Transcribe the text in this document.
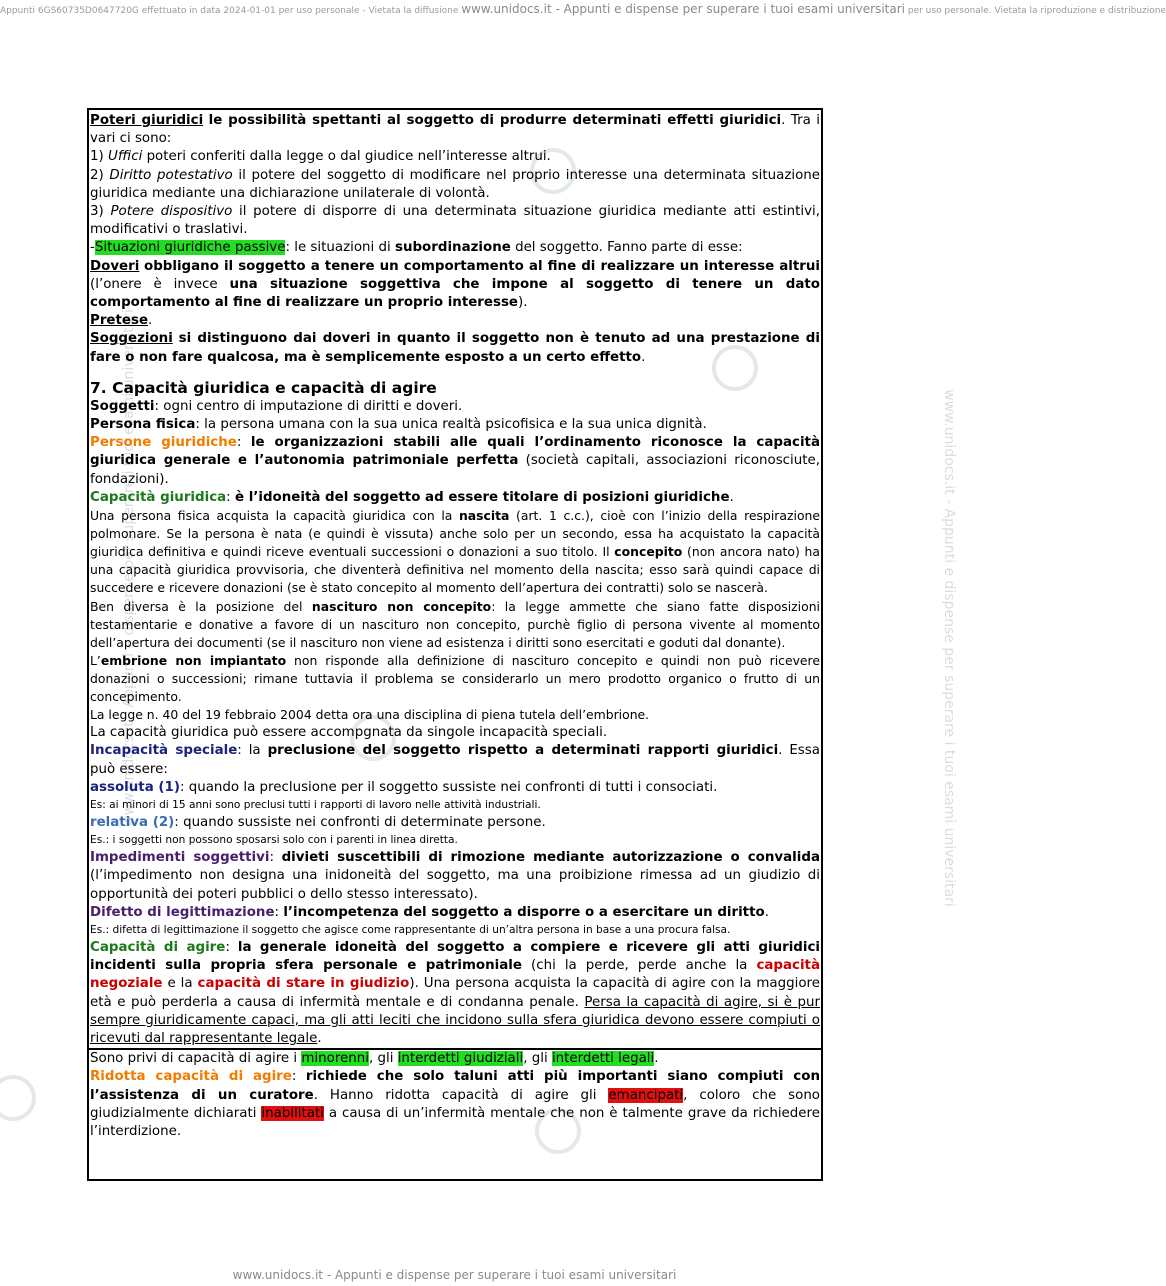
Appunti 6GS60735D0647720G effettuato in data 2024-01-01 per uso personale - Vietata la diffusione www.unidocs.it - Appunti e dispense per superare i tuoi esami universitari per uso personale. Vietata la riproduzione e distribuzione
www.unidocs.it - Appunti e dispense per superare i tuoi esami universitari	www.unidocs.it - Appunti e dispense per superare i tuoi esami universitari
www.unidocs.it - Appunti e dispense per superare i tuoi esami universitari

Poteri giuridici le possibilità spettanti al soggetto di produrre determinati effetti giuridici. Tra i vari ci sono:

1) Uffici poteri conferiti dalla legge o dal giudice nell’interesse altrui.

2) Diritto potestativo il potere del soggetto di modificare nel proprio interesse una determinata situazione giuridica mediante una dichiarazione unilaterale di volontà.

3) Potere dispositivo il potere di disporre di una determinata situazione giuridica mediante atti estintivi, modificativi o traslativi.

-Situazioni giuridiche passive: le situazioni di subordinazione del soggetto. Fanno parte di esse:

Doveri obbligano il soggetto a tenere un comportamento al fine di realizzare un interesse altrui (l’onere è invece una situazione soggettiva che impone al soggetto di tenere un dato comportamento al fine di realizzare un proprio interesse).

Pretese.

Soggezioni si distinguono dai doveri in quanto il soggetto non è tenuto ad una prestazione di fare o non fare qualcosa, ma è semplicemente esposto a un certo effetto.

7. Capacità giuridica e capacità di agire

Soggetti: ogni centro di imputazione di diritti e doveri.

Persona fisica: la persona umana con la sua unica realtà psicofisica e la sua unica dignità.

Persone giuridiche: le organizzazioni stabili alle quali l’ordinamento riconosce la capacità giuridica generale e l’autonomia patrimoniale perfetta (società capitali, associazioni riconosciute, fondazioni).

Capacità giuridica: è l’idoneità del soggetto ad essere titolare di posizioni giuridiche.

Una persona fisica acquista la capacità giuridica con la nascita (art. 1 c.c.), cioè con l’inizio della respirazione polmonare. Se la persona è nata (e quindi è vissuta) anche solo per un secondo, essa ha acquistato la capacità giuridica definitiva e quindi riceve eventuali successioni o donazioni a suo titolo. Il concepito (non ancora nato) ha una capacità giuridica provvisoria, che diventerà definitiva nel momento della nascita; esso sarà quindi capace di succedere e ricevere donazioni (se è stato concepito al momento dell’apertura dei contratti) solo se nascerà.

Ben diversa è la posizione del nascituro non concepito: la legge ammette che siano fatte disposizioni testamentarie e donative a favore di un nascituro non concepito, purchè figlio di persona vivente al momento dell’apertura dei documenti (se il nascituro non viene ad esistenza i diritti sono esercitati e goduti dal donante).

L’embrione non impiantato non risponde alla definizione di nascituro concepito e quindi non può ricevere donazioni o successioni; rimane tuttavia il problema se considerarlo un mero prodotto organico o frutto di un concepimento.

La legge n. 40 del 19 febbraio 2004 detta ora una disciplina di piena tutela dell’embrione.

La capacità giuridica può essere accompgnata da singole incapacità speciali.

Incapacità speciale: la preclusione del soggetto rispetto a determinati rapporti giuridici. Essa può essere:

assoluta (1): quando la preclusione per il soggetto sussiste nei confronti di tutti i consociati.

Es: ai minori di 15 anni sono preclusi tutti i rapporti di lavoro nelle attività industriali.

relativa (2): quando sussiste nei confronti di determinate persone.

Es.: i soggetti non possono sposarsi solo con i parenti in linea diretta.

Impedimenti soggettivi: divieti suscettibili di rimozione mediante autorizzazione o convalida (l’impedimento non designa una inidoneità del soggetto, ma una proibizione rimessa ad un giudizio di opportunità dei poteri pubblici o dello stesso interessato).

Difetto di legittimazione: l’incompetenza del soggetto a disporre o a esercitare un diritto.

Es.: difetta di legittimazione il soggetto che agisce come rappresentante di un’altra persona in base a una procura falsa.

Capacità di agire: la generale idoneità del soggetto a compiere e ricevere gli atti giuridici incidenti sulla propria sfera personale e patrimoniale (chi la perde, perde anche la capacità negoziale e la capacità di stare in giudizio). Una persona acquista la capacità di agire con la maggiore età e può perderla a causa di infermità mentale e di condanna penale. Persa la capacità di agire, si è pur sempre giuridicamente capaci, ma gli atti leciti che incidono sulla sfera giuridica devono essere compiuti o ricevuti dal rappresentante legale.

Sono privi di capacità di agire i minorenni, gli interdetti giudiziali, gli interdetti legali.

Ridotta capacità di agire: richiede che solo taluni atti più importanti siano compiuti con l’assistenza di un curatore. Hanno ridotta capacità di agire gli emancipati, coloro che sono giudizialmente dichiarati inabilitati a causa di un’infermità mentale che non è talmente grave da richiedere l’interdizione.
